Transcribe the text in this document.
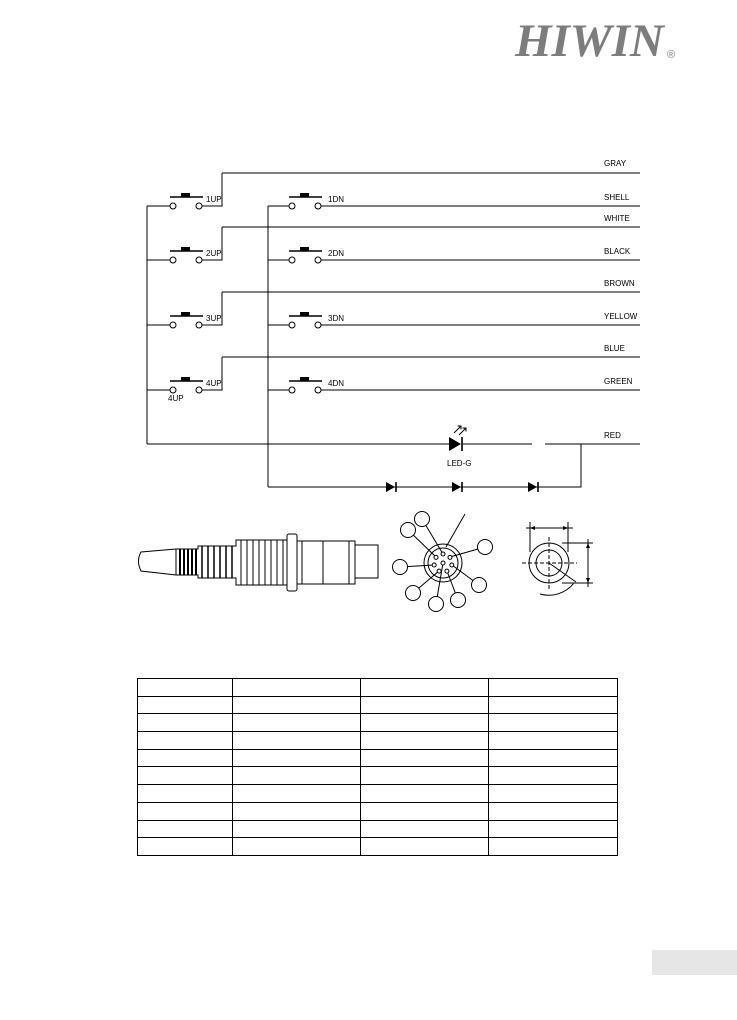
HIWIN ®
1UP
2UP
3UP
4UP
4UP
1DN
2DN
3DN
4DN
GRAY
SHELL
WHITE
BLACK
BROWN
YELLOW
BLUE
GREEN
RED
LED-G
